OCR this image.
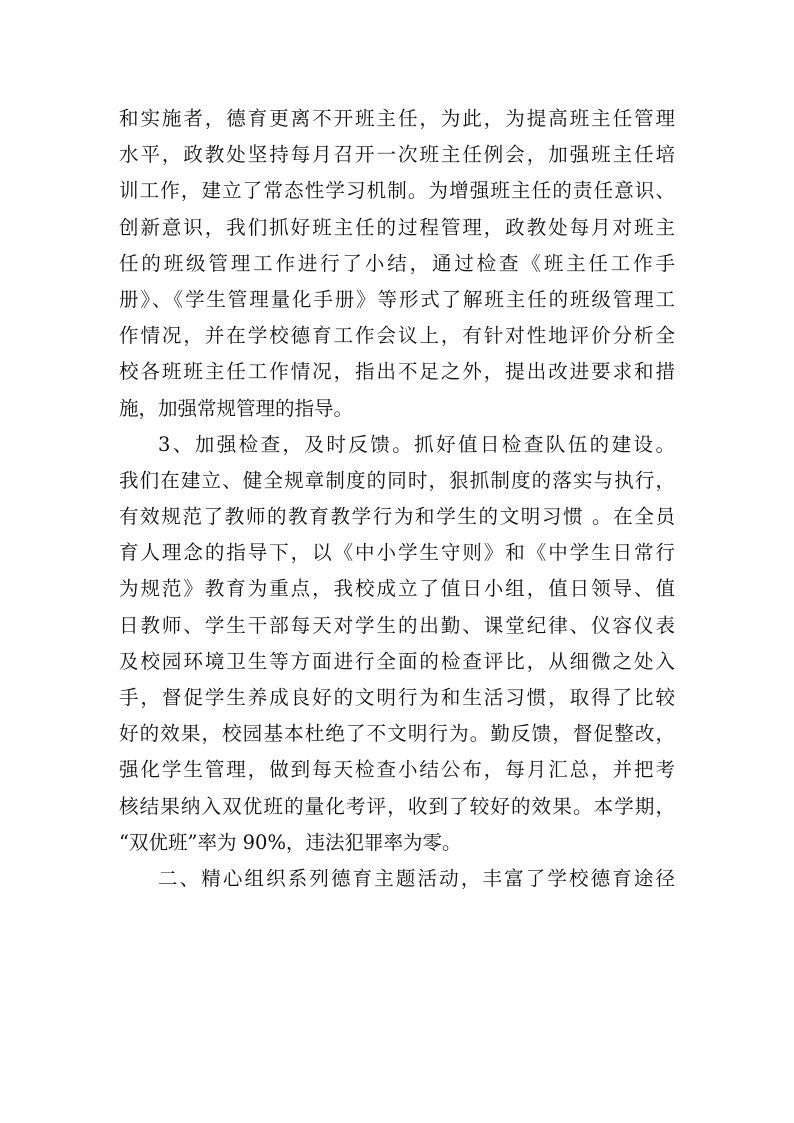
和实施者，德育更离不开班主任，为此，为提高班主任管理
水平，政教处坚持每月召开一次班主任例会，加强班主任培
训工作，建立了常态性学习机制。为增强班主任的责任意识、
创新意识，我们抓好班主任的过程管理，政教处每月对班主
任的班级管理工作进行了小结，通过检查《班主任工作手
册》、《学生管理量化手册》等形式了解班主任的班级管理工
作情况，并在学校德育工作会议上，有针对性地评价分析全
校各班班主任工作情况，指出不足之外，提出改进要求和措
施，加强常规管理的指导。
3、加强检查，及时反馈。抓好值日检查队伍的建设。
我们在建立、健全规章制度的同时，狠抓制度的落实与执行，
有效规范了教师的教育教学行为和学生的文明习惯 。在全员
育人理念的指导下，以《中小学生守则》和《中学生日常行
为规范》教育为重点，我校成立了值日小组，值日领导、值
日教师、学生干部每天对学生的出勤、课堂纪律、仪容仪表
及校园环境卫生等方面进行全面的检查评比，从细微之处入
手，督促学生养成良好的文明行为和生活习惯，取得了比较
好的效果，校园基本杜绝了不文明行为。勤反馈，督促整改，
强化学生管理，做到每天检查小结公布，每月汇总，并把考
核结果纳入双优班的量化考评，收到了较好的效果。本学期，
“双优班”率为 90%，违法犯罪率为零。
二、精心组织系列德育主题活动，丰富了学校德育途径
